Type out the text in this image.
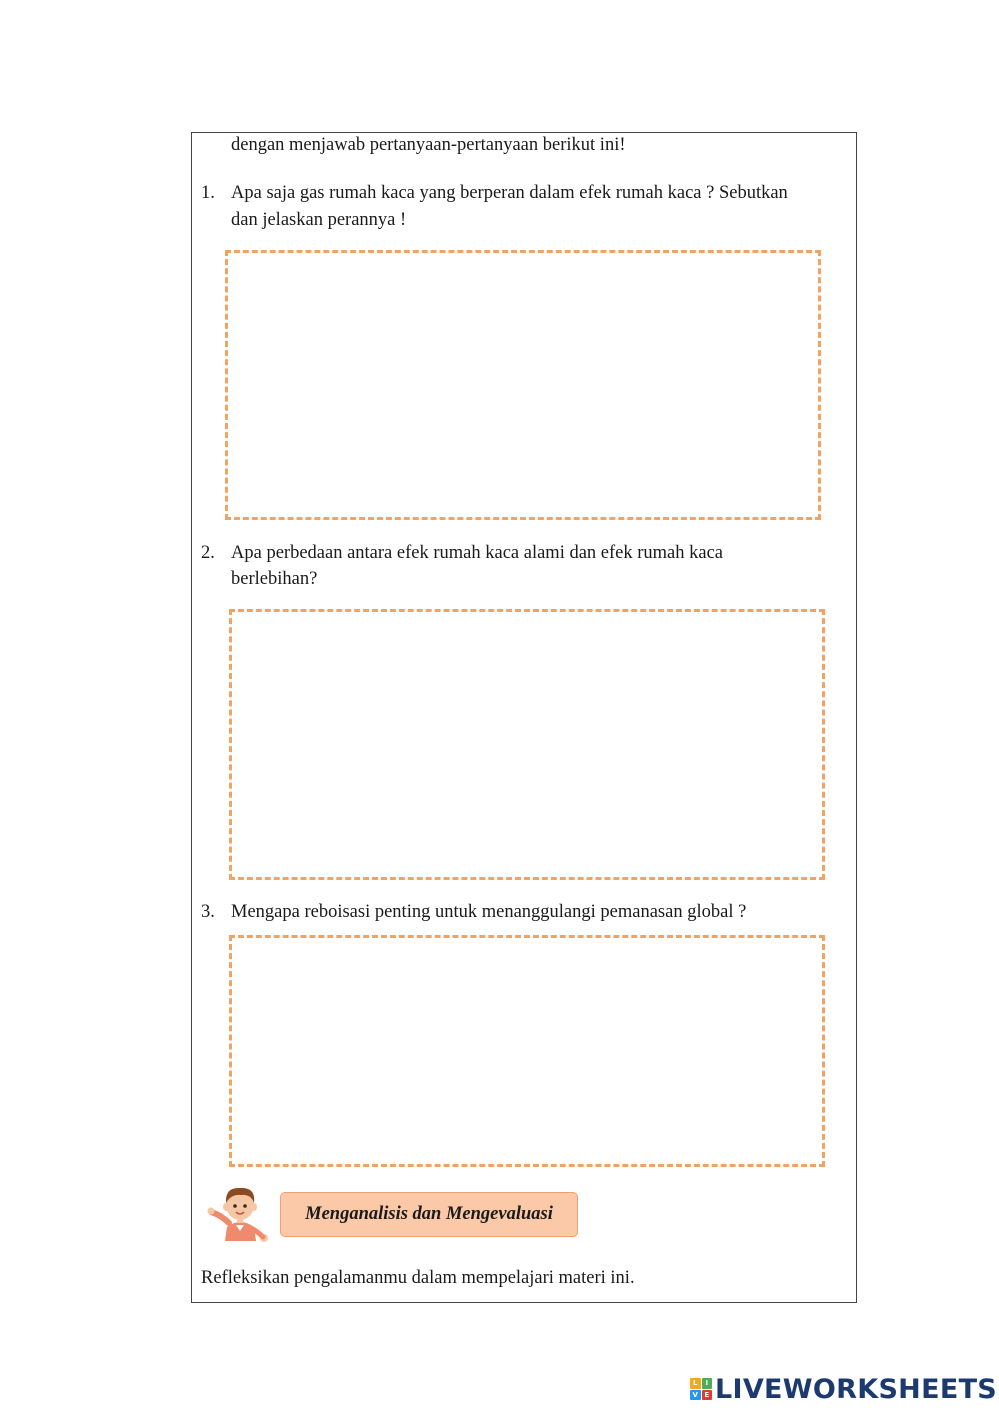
dengan menjawab pertanyaan-pertanyaan berikut ini!

1. Apa saja gas rumah kaca yang berperan dalam efek rumah kaca ? Sebutkan

dan jelaskan perannya !

2. Apa perbedaan antara efek rumah kaca alami dan efek rumah kaca

berlebihan?

3. Mengapa reboisasi penting untuk menanggulangi pemanasan global ?

Menganalisis dan Mengevaluasi

Refleksikan pengalamanmu dalam mempelajari materi ini.

L	I
V E LIVEWORKSHEETS
